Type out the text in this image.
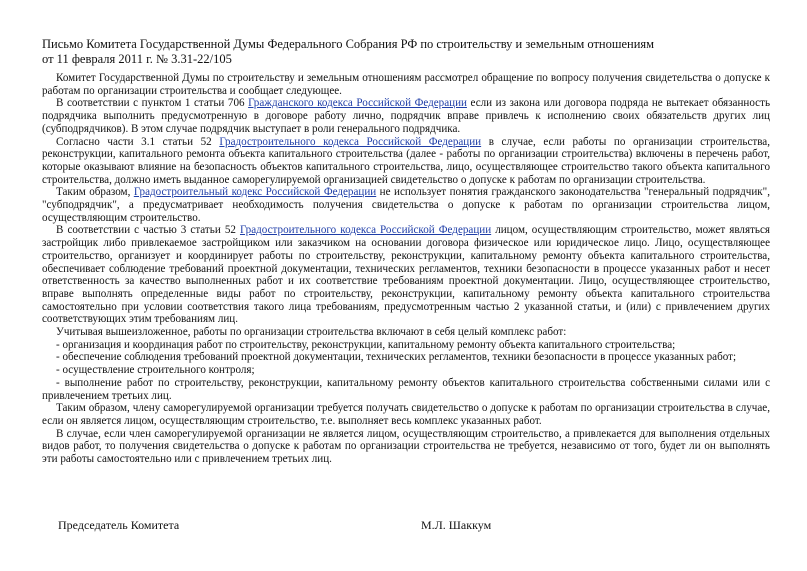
Письмо Комитета Государственной Думы Федерального Собрания РФ по строительству и земельным отношениям
от 11 февраля 2011 г. № 3.31-22/105

Комитет Государственной Думы по строительству и земельным отношениям рассмотрел обращение по вопросу получения свидетельства о допуске к работам по организации строительства и сообщает следующее.

В соответствии с пунктом 1 статьи 706 Гражданского кодекса Российской Федерации если из закона или договора подряда не вытекает обязанность подрядчика выполнить предусмотренную в договоре работу лично, подрядчик вправе привлечь к исполнению своих обязательств других лиц (субподрядчиков). В этом случае подрядчик выступает в роли генерального подрядчика.

Согласно части 3.1 статьи 52 Градостроительного кодекса Российской Федерации в случае, если работы по организации строительства, реконструкции, капитального ремонта объекта капитального строительства (далее - работы по организации строительства) включены в перечень работ, которые оказывают влияние на безопасность объектов капитального строительства, лицо, осуществляющее строительство такого объекта капитального строительства, должно иметь выданное саморегулируемой организацией свидетельство о допуске к работам по организации строительства.

Таким образом, Градостроительный кодекс Российской Федерации не использует понятия гражданского законодательства "генеральный подрядчик", "субподрядчик", а предусматривает необходимость получения свидетельства о допуске к работам по организации строительства лицом, осуществляющим строительство.

В соответствии с частью 3 статьи 52 Градостроительного кодекса Российской Федерации лицом, осуществляющим строительство, может являться застройщик либо привлекаемое застройщиком или заказчиком на основании договора физическое или юридическое лицо. Лицо, осуществляющее строительство, организует и координирует работы по строительству, реконструкции, капитальному ремонту объекта капитального строительства, обеспечивает соблюдение требований проектной документации, технических регламентов, техники безопасности в процессе указанных работ и несет ответственность за качество выполненных работ и их соответствие требованиям проектной документации. Лицо, осуществляющее строительство, вправе выполнять определенные виды работ по строительству, реконструкции, капитальному ремонту объекта капитального строительства самостоятельно при условии соответствия такого лица требованиям, предусмотренным частью 2 указанной статьи, и (или) с привлечением других соответствующих этим требованиям лиц.

Учитывая вышеизложенное, работы по организации строительства включают в себя целый комплекс работ:

- организация и координация работ по строительству, реконструкции, капитальному ремонту объекта капитального строительства;

- обеспечение соблюдения требований проектной документации, технических регламентов, техники безопасности в процессе указанных работ;

- осуществление строительного контроля;

- выполнение работ по строительству, реконструкции, капитальному ремонту объектов капитального строительства собственными силами или с привлечением третьих лиц.

Таким образом, члену саморегулируемой организации требуется получать свидетельство о допуске к работам по организации строительства в случае, если он является лицом, осуществляющим строительство, т.е. выполняет весь комплекс указанных работ.

В случае, если член саморегулируемой организации не является лицом, осуществляющим строительство, а привлекается для выполнения отдельных видов работ, то получения свидетельства о допуске к работам по организации строительства не требуется, независимо от того, будет ли он выполнять эти работы самостоятельно или с привлечением третьих лиц.

Председатель Комитета	М.Л. Шаккум
